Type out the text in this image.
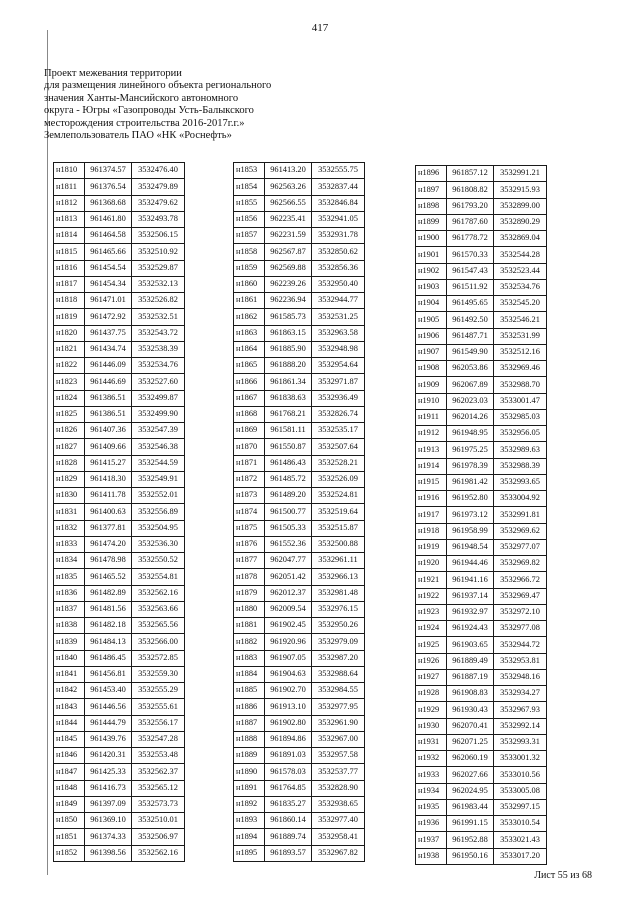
417
Проект межевания территории
для размещения линейного объекта регионального
значения Ханты-Мансийского автономного
округа - Югры «Газопроводы Усть-Балыкского
месторождения строительства 2016-2017г.г.»
Землепользователь ПАО «НК «Роснефть»
н1810	961374.57	3532476.40
н1811	961376.54	3532479.89
н1812	961368.68	3532479.62
н1813	961461.80	3532493.78
н1814	961464.58	3532506.15
н1815	961465.66	3532510.92
н1816	961454.54	3532529.87
н1817	961454.34	3532532.13
н1818	961471.01	3532526.82
н1819	961472.92	3532532.51
н1820	961437.75	3532543.72
н1821	961434.74	3532538.39
н1822	961446.09	3532534.76
н1823	961446.69	3532527.60
н1824	961386.51	3532499.87
н1825	961386.51	3532499.90
н1826	961407.36	3532547.39
н1827	961409.66	3532546.38
н1828	961415.27	3532544.59
н1829	961418.30	3532549.91
н1830	961411.78	3532552.01
н1831	961400.63	3532556.89
н1832	961377.81	3532504.95
н1833	961474.20	3532536.30
н1834	961478.98	3532550.52
н1835	961465.52	3532554.81
н1836	961482.89	3532562.16
н1837	961481.56	3532563.66
н1838	961482.18	3532565.56
н1839	961484.13	3532566.00
н1840	961486.45	3532572.85
н1841	961456.81	3532559.30
н1842	961453.40	3532555.29
н1843	961446.56	3532555.61
н1844	961444.79	3532556.17
н1845	961439.76	3532547.28
н1846	961420.31	3532553.48
н1847	961425.33	3532562.37
н1848	961416.73	3532565.12
н1849	961397.09	3532573.73
н1850	961369.10	3532510.01
н1851	961374.33	3532506.97
н1852	961398.56	3532562.16
н1853	961413.20	3532555.75
н1854	962563.26	3532837.44
н1855	962566.55	3532846.84
н1856	962235.41	3532941.05
н1857	962231.59	3532931.78
н1858	962567.87	3532850.62
н1859	962569.88	3532856.36
н1860	962239.26	3532950.40
н1861	962236.94	3532944.77
н1862	961585.73	3532531.25
н1863	961863.15	3532963.58
н1864	961885.90	3532948.98
н1865	961888.20	3532954.64
н1866	961861.34	3532971.87
н1867	961838.63	3532936.49
н1868	961768.21	3532826.74
н1869	961581.11	3532535.17
н1870	961550.87	3532507.64
н1871	961486.43	3532528.21
н1872	961485.72	3532526.09
н1873	961489.20	3532524.81
н1874	961500.77	3532519.64
н1875	961505.33	3532515.87
н1876	961552.36	3532500.88
н1877	962047.77	3532961.11
н1878	962051.42	3532966.13
н1879	962012.37	3532981.48
н1880	962009.54	3532976.15
н1881	961902.45	3532950.26
н1882	961920.96	3532979.09
н1883	961907.05	3532987.20
н1884	961904.63	3532988.64
н1885	961902.70	3532984.55
н1886	961913.10	3532977.95
н1887	961902.80	3532961.90
н1888	961894.86	3532967.00
н1889	961891.03	3532957.58
н1890	961578.03	3532537.77
н1891	961764.85	3532828.90
н1892	961835.27	3532938.65
н1893	961860.14	3532977.40
н1894	961889.74	3532958.41
н1895	961893.57	3532967.82
н1896	961857.12	3532991.21
н1897	961808.82	3532915.93
н1898	961793.20	3532899.00
н1899	961787.60	3532890.29
н1900	961778.72	3532869.04
н1901	961570.33	3532544.28
н1902	961547.43	3532523.44
н1903	961511.92	3532534.76
н1904	961495.65	3532545.20
н1905	961492.50	3532546.21
н1906	961487.71	3532531.99
н1907	961549.90	3532512.16
н1908	962053.86	3532969.46
н1909	962067.89	3532988.70
н1910	962023.03	3533001.47
н1911	962014.26	3532985.03
н1912	961948.95	3532956.05
н1913	961975.25	3532989.63
н1914	961978.39	3532988.39
н1915	961981.42	3532993.65
н1916	961952.80	3533004.92
н1917	961973.12	3532991.81
н1918	961958.99	3532969.62
н1919	961948.54	3532977.07
н1920	961944.46	3532969.82
н1921	961941.16	3532966.72
н1922	961937.14	3532969.47
н1923	961932.97	3532972.10
н1924	961924.43	3532977.08
н1925	961903.65	3532944.72
н1926	961889.49	3532953.81
н1927	961887.19	3532948.16
н1928	961908.83	3532934.27
н1929	961930.43	3532967.93
н1930	962070.41	3532992.14
н1931	962071.25	3532993.31
н1932	962060.19	3533001.32
н1933	962027.66	3533010.56
н1934	962024.95	3533005.08
н1935	961983.44	3532997.15
н1936	961991.15	3533010.54
н1937	961952.88	3533021.43
н1938	961950.16	3533017.20
Лист 55 из 68
